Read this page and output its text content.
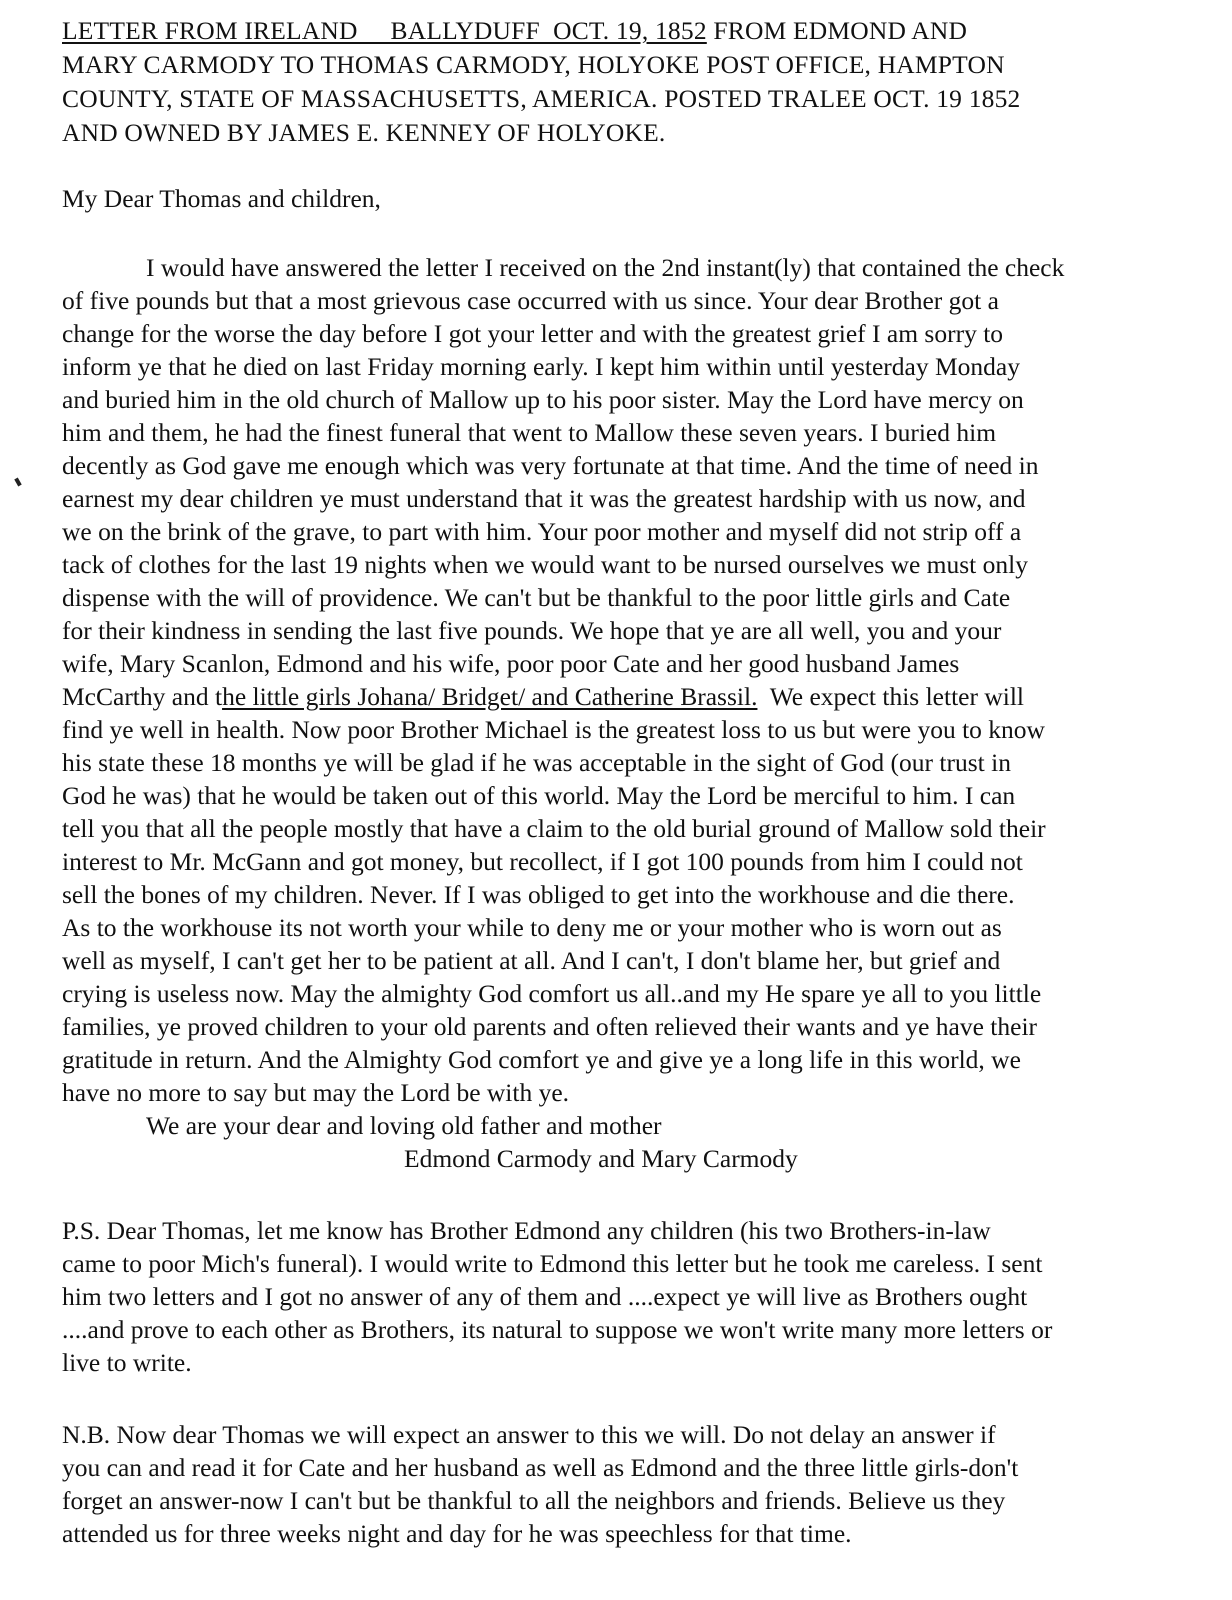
LETTER FROM IRELAND     BALLYDUFF  OCT. 19, 1852 FROM EDMOND AND
MARY CARMODY TO THOMAS CARMODY, HOLYOKE POST OFFICE, HAMPTON
COUNTY, STATE OF MASSACHUSETTS, AMERICA. POSTED TRALEE OCT. 19 1852
AND OWNED BY JAMES E. KENNEY OF HOLYOKE.
My Dear Thomas and children,
I would have answered the letter I received on the 2nd instant(ly) that contained the check
of five pounds but that a most grievous case occurred with us since. Your dear Brother got a
change for the worse the day before I got your letter and with the greatest grief I am sorry to
inform ye that he died on last Friday morning early. I kept him within until yesterday Monday
and buried him in the old church of Mallow up to his poor sister. May the Lord have mercy on
him and them, he had the finest funeral that went to Mallow these seven years. I buried him
decently as God gave me enough which was very fortunate at that time. And the time of need in
earnest my dear children ye must understand that it was the greatest hardship with us now, and
we on the brink of the grave, to part with him. Your poor mother and myself did not strip off a
tack of clothes for the last 19 nights when we would want to be nursed ourselves we must only
dispense with the will of providence. We can't but be thankful to the poor little girls and Cate
for their kindness in sending the last five pounds. We hope that ye are all well, you and your
wife, Mary Scanlon, Edmond and his wife, poor poor Cate and her good husband James
McCarthy and the little girls Johana/ Bridget/ and Catherine Brassil.  We expect this letter will
find ye well in health. Now poor Brother Michael is the greatest loss to us but were you to know
his state these 18 months ye will be glad if he was acceptable in the sight of God (our trust in
God he was) that he would be taken out of this world. May the Lord be merciful to him. I can
tell you that all the people mostly that have a claim to the old burial ground of Mallow sold their
interest to Mr. McGann and got money, but recollect, if I got 100 pounds from him I could not
sell the bones of my children. Never. If I was obliged to get into the workhouse and die there.
As to the workhouse its not worth your while to deny me or your mother who is worn out as
well as myself, I can't get her to be patient at all. And I can't, I don't blame her, but grief and
crying is useless now. May the almighty God comfort us all..and my He spare ye all to you little
families, ye proved children to your old parents and often relieved their wants and ye have their
gratitude in return. And the Almighty God comfort ye and give ye a long life in this world, we
have no more to say but may the Lord be with ye.
We are your dear and loving old father and mother
Edmond Carmody and Mary Carmody
P.S. Dear Thomas, let me know has Brother Edmond any children (his two Brothers-in-law
came to poor Mich's funeral). I would write to Edmond this letter but he took me careless. I sent
him two letters and I got no answer of any of them and ....expect ye will live as Brothers ought
....and prove to each other as Brothers, its natural to suppose we won't write many more letters or
live to write.
N.B. Now dear Thomas we will expect an answer to this we will. Do not delay an answer if
you can and read it for Cate and her husband as well as Edmond and the three little girls-don't
forget an answer-now I can't but be thankful to all the neighbors and friends. Believe us they
attended us for three weeks night and day for he was speechless for that time.
